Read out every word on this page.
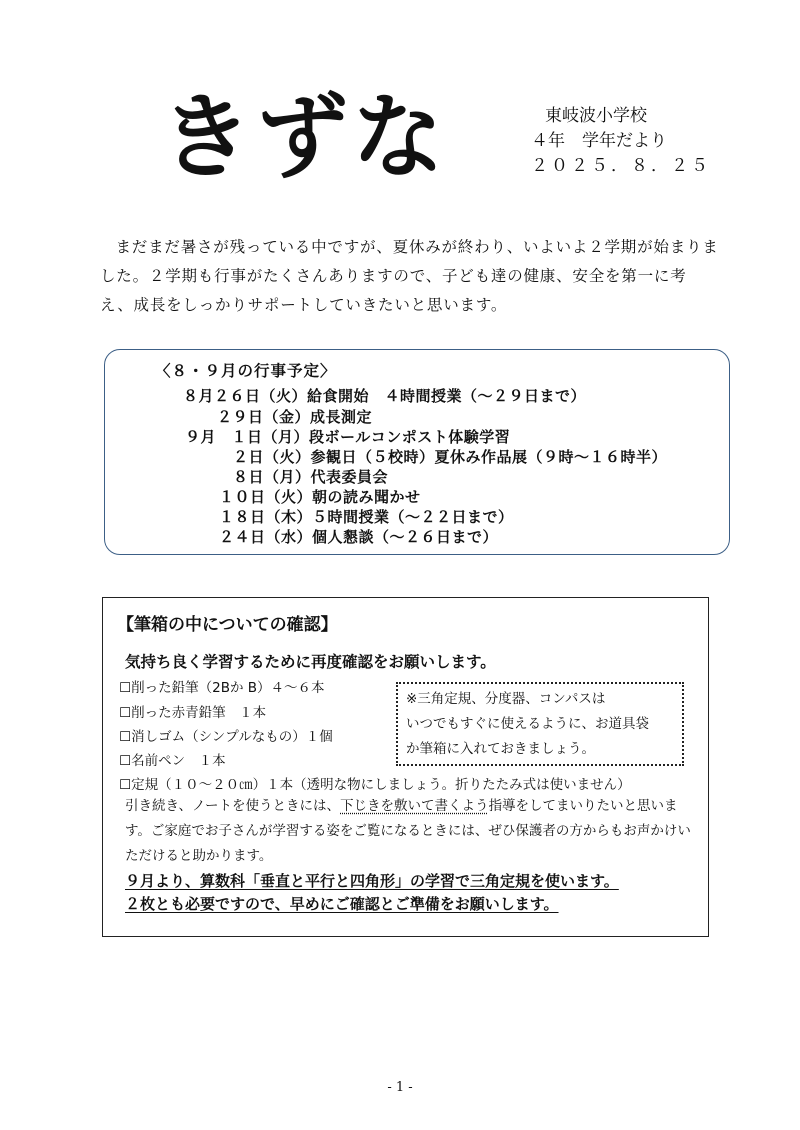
きずな	東岐波小学校
４年　学年だより
２０２５．８．２５

まだまだ暑さが残っている中ですが、夏休みが終わり、いよいよ２学期が始まりました。２学期も行事がたくさんありますので、子ども達の健康、安全を第一に考え、成長をしっかりサポートしていきたいと思います。

〈８・９月の行事予定〉
８月２６日（火）給食開始　４時間授業（～２９日まで）
２９日（金）成長測定
９月　１日（月）段ボールコンポスト体験学習
２日（火）参観日（５校時）夏休み作品展（９時～１６時半）
８日（月）代表委員会
１０日（火）朝の読み聞かせ
１８日（木）５時間授業（～２２日まで）
２４日（水）個人懇談（～２６日まで）
【筆箱の中についての確認】
気持ち良く学習するために再度確認をお願いします。
☐削った鉛筆（2Bか B）４～６本
☐削った赤青鉛筆　１本
☐消しゴム（シンプルなもの）１個
☐名前ペン　１本
☐定規（１０～２０㎝）１本（透明な物にしましょう。折りたたみ式は使いません）
※三角定規、分度器、コンパスは
いつでもすぐに使えるように、お道具袋
か筆箱に入れておきましょう。
引き続き、ノートを使うときには、下じきを敷いて書くよう指導をしてまいりたいと思います。ご家庭でお子さんが学習する姿をご覧になるときには、ぜひ保護者の方からもお声かけいただけると助かります。
９月より、算数科「垂直と平行と四角形」の学習で三角定規を使います。
２枚とも必要ですので、早めにご確認とご準備をお願いします。
- 1 -
